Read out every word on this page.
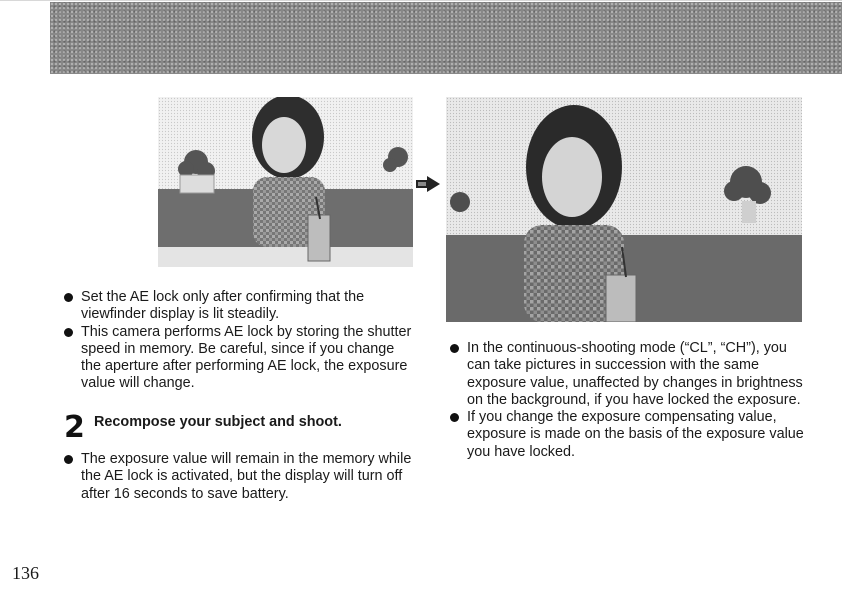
Set the AE lock only after confirming that the viewfinder display is lit steadily.
This camera performs AE lock by storing the shutter speed in memory. Be careful, since if you change the aperture after performing AE lock, the exposure value will change.
2 Recompose your subject and shoot.
The exposure value will remain in the memory while the AE lock is activated, but the display will turn off after 16 seconds to save battery.
In the continuous-shooting mode (“CL”, “CH”), you can take pictures in succession with the same exposure value, unaffected by changes in brightness on the background, if you have locked the exposure.
If you change the exposure compensating value, exposure is made on the basis of the exposure value you have locked.
136
